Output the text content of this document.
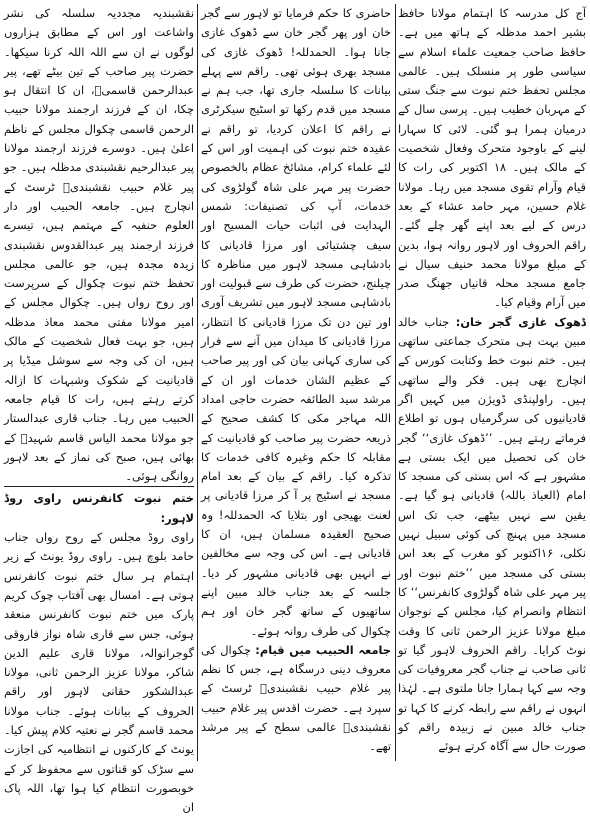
آج کل مدرسہ کا اہتمام مولانا حافظ بشیر احمد مدظلہ کے ہاتھ میں ہے۔ حافظ صاحب جمعیت علماء اسلام سے سیاسی طور پر منسلک ہیں۔ عالمی مجلس تحفظ ختم نبوت سے جنگ ستی کے مہربان خطیب ہیں۔ پرسی سال کے درمیان ہمرا ہو گئی۔ لائی کا سہارا لینے کے باوجود متحرک وفعال شخصیت کے مالک ہیں۔ ۱۸ اکتوبر کی رات کا قیام وآرام تقوی مسجد میں رہا۔ مولانا غلام حسین، مہر حامد عشاء کے بعد درس کے لیے بعد اپنے گھر چلے گئے۔ راقم الحروف اور لاہور روانہ ہوا، بدین کے مبلغ مولانا محمد حنیف سیال نے جامع مسجد محلہ قانیاں جھنگ صدر میں آرام وقیام کیا۔

ڈھوک غازی گجر خان: جناب خالد مبین بہت ہی متحرک جماعتی ساتھی ہیں۔ ختم نبوت خط وکتابت کورس کے انچارج بھی ہیں۔ فکر والے ساتھی ہیں۔ راولپنڈی ڈویژن میں کہیں اگر قادیانیوں کی سرگرمیاں ہوں تو اطلاع فرماتے رہتے ہیں۔ ’’ڈھوک غازی‘‘ گجر خان کی تحصیل میں ایک بستی ہے مشہور ہے کہ اس بستی کی مسجد کا امام (العیاذ باللہ) قادیانی ہو گیا ہے۔ یقین سے نہیں بیٹھے، جب تک اس مسجد میں پہنچ کی کوئی سبیل نہیں نکلی، ۱۶اکتوبر کو مغرب کے بعد اس بستی کی مسجد میں ’’ختم نبوت اور پیر مہر علی شاہ گولڑوی کانفرنس‘‘ کا انتظام وانصرام کیا، مجلس کے نوجوان مبلغ مولانا عزیز الرحمن ثانی کا وقت نوٹ کرایا۔ راقم الحروف لاہور گیا تو ثانی صاحب نے جناب گجر معروفیات کی وجہ سے کہا ہمارا جانا ملتوی ہے۔ لہٰذا انہوں نے راقم سے رابطہ کرنے کا کہا تو جناب خالد مبین نے زبیدہ راقم کو صورت حال سے آگاہ کرتے ہوئے

حاضری کا حکم فرمایا تو لاہور سے گجر خان اور پھر گجر خان سے ڈھوک غازی جانا ہوا۔ الحمدللہ! ڈھوک غازی کی مسجد بھری ہوئی تھی۔ راقم سے پہلے بیانات کا سلسلہ جاری تھا، جب ہم نے مسجد میں قدم رکھا تو اسٹیج سیکرٹری نے راقم کا اعلان کردیا، تو راقم نے عقیدہ ختم نبوت کی اہمیت اور اس کے لئے علماء کرام، مشائخ عظام بالخصوص حضرت پیر مہر علی شاہ گولڑوی کی خدمات، آپ کی تصنیفات: شمس الہدایت فی اثبات حیات المسیح اور سیف چشتیائی اور مرزا قادیانی کا بادشاہی مسجد لاہور میں مناظرہ کا چیلنج، حضرت کی طرف سے قبولیت اور بادشاہی مسجد لاہور میں تشریف آوری اور تین دن تک مرزا قادیانی کا انتظار، مرزا قادیانی کا میدان میں آنے سے فرار کی ساری کہانی بیان کی اور پیر صاحب کے عظیم الشان خدمات اور ان کے مرشد سید الطائفہ حضرت حاجی امداد اللہ مہاجر مکی کا کشف صحیح کے ذریعہ حضرت پیر صاحب کو قادیانیت کے مقابلہ کا حکم وغیرہ کافی خدمات کا تذکرہ کیا۔ راقم کے بیان کے بعد امام مسجد نے اسٹیج پر آ کر مرزا قادیانی پر لعنت بھیجی اور بتلایا کہ الحمدللہ! وہ صحیح العقیدہ مسلمان ہیں، ان کا قادیانی ہے۔ اس کی وجہ سے مخالفین نے انہیں بھی قادیانی مشہور کر دیا۔ جلسہ کے بعد جناب خالد مبین اپنے ساتھیوں کے ساتھ گجر خان اور ہم چکوال کی طرف روانہ ہوئے۔

جامعہ الحبیب میں قیام: چکوال کی معروف دینی درسگاہ ہے، جس کا نظم پیر غلام حبیب نقشبندیؒ ٹرسٹ کے سپرد ہے۔ حضرت اقدس پیر غلام حبیب نقشبندیؒ عالمی سطح کے پیر مرشد تھے۔

نقشبندیہ مجددیہ سلسلہ کی نشر واشاعت اور اس کے مطابق ہزاروں لوگوں نے ان سے اللہ اللہ کرنا سیکھا۔ حضرت پیر صاحب کے تین بیٹے تھے، پیر عبدالرحمن قاسمیؒ، ان کا انتقال ہو چکا، ان کے فرزند ارجمند مولانا حبیب الرحمن قاسمی چکوال مجلس کے ناظم اعلیٰ ہیں۔ دوسرے فرزند ارجمند مولانا پیر عبدالرحیم نقشبندی مدظلہ ہیں۔ جو پیر غلام حبیب نقشبندیؒ ٹرسٹ کے انچارج ہیں۔ جامعہ الحبیب اور دار العلوم حنفیہ کے مہتمم ہیں، تیسرے فرزند ارجمند پیر عبدالقدوس نقشبندی زیدہ مجدہ ہیں، جو عالمی مجلس تحفظ ختم نبوت چکوال کے سرپرست اور روح رواں ہیں۔ چکوال مجلس کے امیر مولانا مفتی محمد معاذ مدظلہ ہیں، جو بہت فعال شخصیت کے مالک ہیں، ان کی وجہ سے سوشل میڈیا پر قادیانیت کے شکوک وشبہات کا ازالہ کرتے رہتے ہیں، رات کا قیام جامعہ الحبیب میں رہا۔ جناب قاری عبدالستار جو مولانا محمد الیاس قاسم شہیدؒ کے بھائی ہیں، صبح کی نماز کے بعد لاہور روانگی ہوئی۔

ختم نبوت کانفرنس راوی روڈ لاہور:

راوی روڈ مجلس کے روح رواں جناب حامد بلوچ ہیں۔ راوی روڈ یونٹ کے زیر اہتمام ہر سال ختم نبوت کانفرنس ہوتی ہے۔ امسال بھی آفتاب چوک کریم پارک میں ختم نبوت کانفرنس منعقد ہوئی، جس سے قاری شاہ نواز فاروقی گوجرانوالہ، مولانا قاری علیم الدین شاکر، مولانا عزیز الرحمن ثانی، مولانا عبدالشکور حقانی لاہور اور راقم الحروف کے بیانات ہوئے۔ جناب مولانا محمد قاسم گجر نے نعتیہ کلام پیش کیا۔ یونٹ کے کارکنوں نے انتظامیہ کی اجازت سے سڑک کو قناتوں سے محفوظ کر کے خوبصورت انتظام کیا ہوا تھا، اللہ پاک ان
